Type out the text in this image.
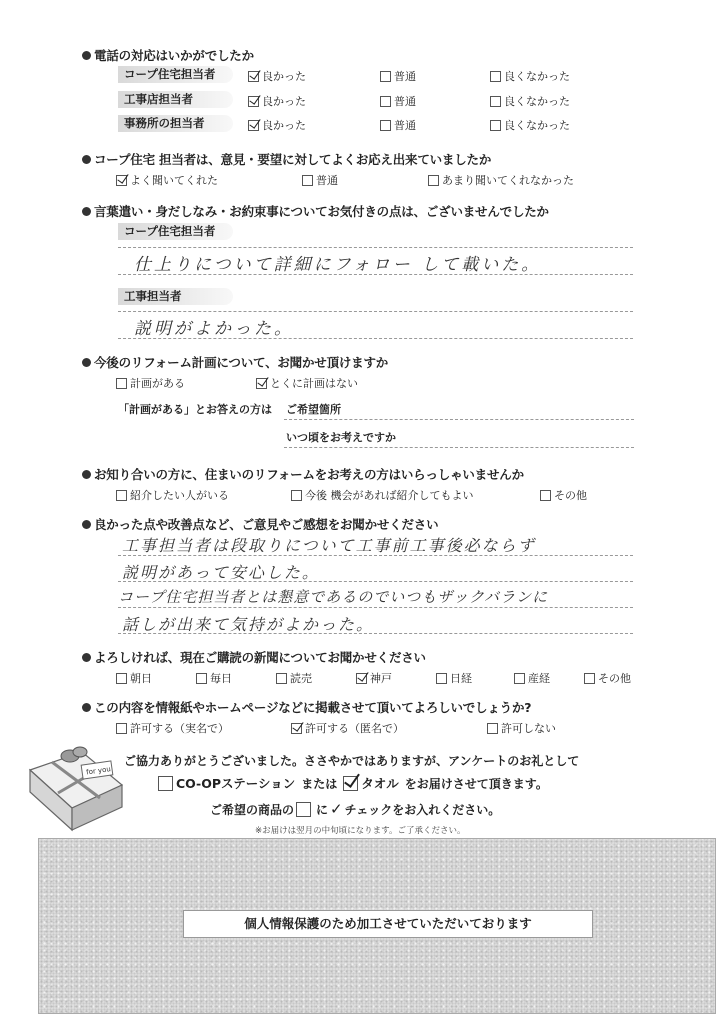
電話の対応はいかがでしたか
コープ住宅担当者	良かった	普通	良くなかった
工事店担当者	良かった	普通	良くなかった
事務所の担当者	良かった	普通	良くなかった
コープ住宅 担当者は、意見・要望に対してよくお応え出来ていましたか
よく聞いてくれた	普通	あまり聞いてくれなかった
言葉遣い・身だしなみ・お約束事についてお気付きの点は、ございませんでしたか
コープ住宅担当者
仕上りについて詳細にフォロー して載いた。
工事担当者
説明がよかった。
今後のリフォーム計画について、お聞かせ頂けますか
計画がある	とくに計画はない
「計画がある」とお答えの方は ご希望箇所
いつ頃をお考えですか
お知り合いの方に、住まいのリフォームをお考えの方はいらっしゃいませんか
紹介したい人がいる	今後 機会があれば紹介してもよい	その他
良かった点や改善点など、ご意見やご感想をお聞かせください
工事担当者は段取りについて工事前工事後必ならず
説明があって安心した。
コープ住宅担当者とは懇意であるのでいつもザックバランに
話しが出来て気持がよかった。
よろしければ、現在ご購読の新聞についてお聞かせください
朝日	毎日	読売	神戸	日経	産経	その他
この内容を情報紙やホームページなどに掲載させて頂いてよろしいでしょうか?
許可する（実名で）	許可する（匿名で）	許可しない
for you
ご協力ありがとうございました。ささやかではありますが、アンケートのお礼として
CO-OPステーション または タオル をお届けさせて頂きます。
ご希望の商品の に ✓ チェックをお入れください。
※お届けは翌月の中旬頃になります。ご了承ください。
個人情報保護のため加工させていただいております
